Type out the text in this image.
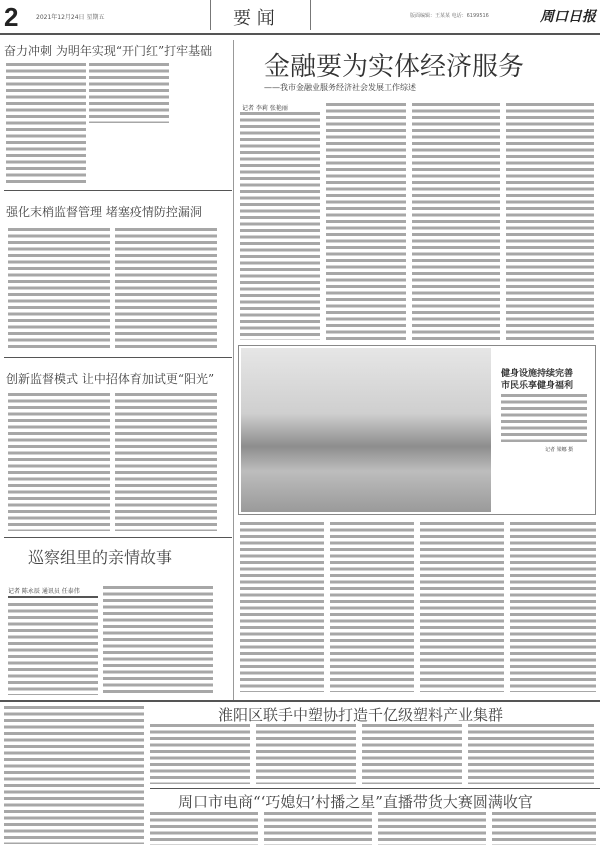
2	2021年12月24日 星期五	要 闻	版面编辑：王某某 电话：6199516	周口日报
奋力冲刺 为明年实现“开门红”打牢基础
强化末梢监督管理 堵塞疫情防控漏洞
创新监督模式 让中招体育加试更“阳光”
巡察组里的亲情故事
记者 陈永辰 通讯员 任泰伟
金融要为实体经济服务
——我市金融业服务经济社会发展工作综述
记者 李莉 张艳丽
健身设施持续完善
市民乐享健身福利
记者 梁娜 摄
淮阳区联手中塑协打造千亿级塑料产业集群
周口市电商“‘巧媳妇’村播之星”直播带货大赛圆满收官
